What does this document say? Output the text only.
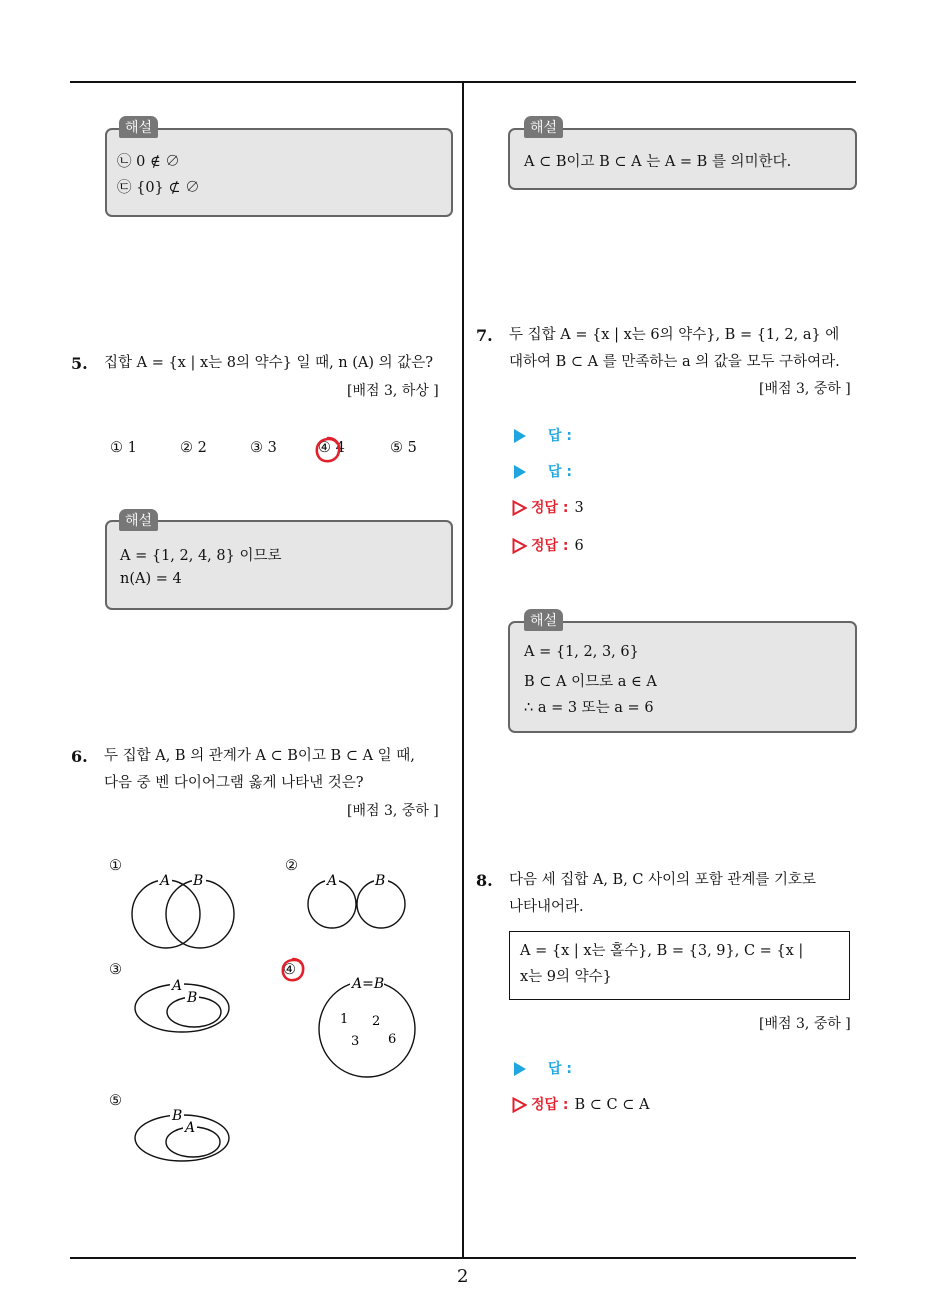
2
㉡ 0 ∉ ∅
㉢ {0} ⊄ ∅
해설
5. 집합 A = {x | x는 8의 약수} 일 때, n (A) 의 값은?
[배점 3, 하상 ]
① 1	② 2	③ 3	④ 4	⑤ 5
A = {1, 2, 4, 8} 이므로
n(A) = 4
해설
6. 두 집합 A, B 의 관계가 A ⊂ B이고 B ⊂ A 일 때,
다음 중 벤 다이어그램 옳게 나타낸 것은?
[배점 3, 중하 ]
①
A B
②
A	B
③
A
B
④
A=B
1 2
3 6
⑤
B
A
A ⊂ B이고 B ⊂ A 는 A = B 를 의미한다.
해설
7. 두 집합 A = {x | x는 6의 약수}, B = {1, 2, a} 에
대하여 B ⊂ A 를 만족하는 a 의 값을 모두 구하여라.
[배점 3, 중하 ]
답 :
답 :
정답 : 3
정답 : 6
A = {1, 2, 3, 6}
B ⊂ A 이므로 a ∈ A
∴ a = 3 또는 a = 6
해설
8. 다음 세 집합 A, B, C 사이의 포함 관계를 기호로
나타내어라.
A = {x | x는 홀수}, B = {3, 9}, C = {x |
x는 9의 약수}
[배점 3, 중하 ]
답 :
정답 : B ⊂ C ⊂ A
